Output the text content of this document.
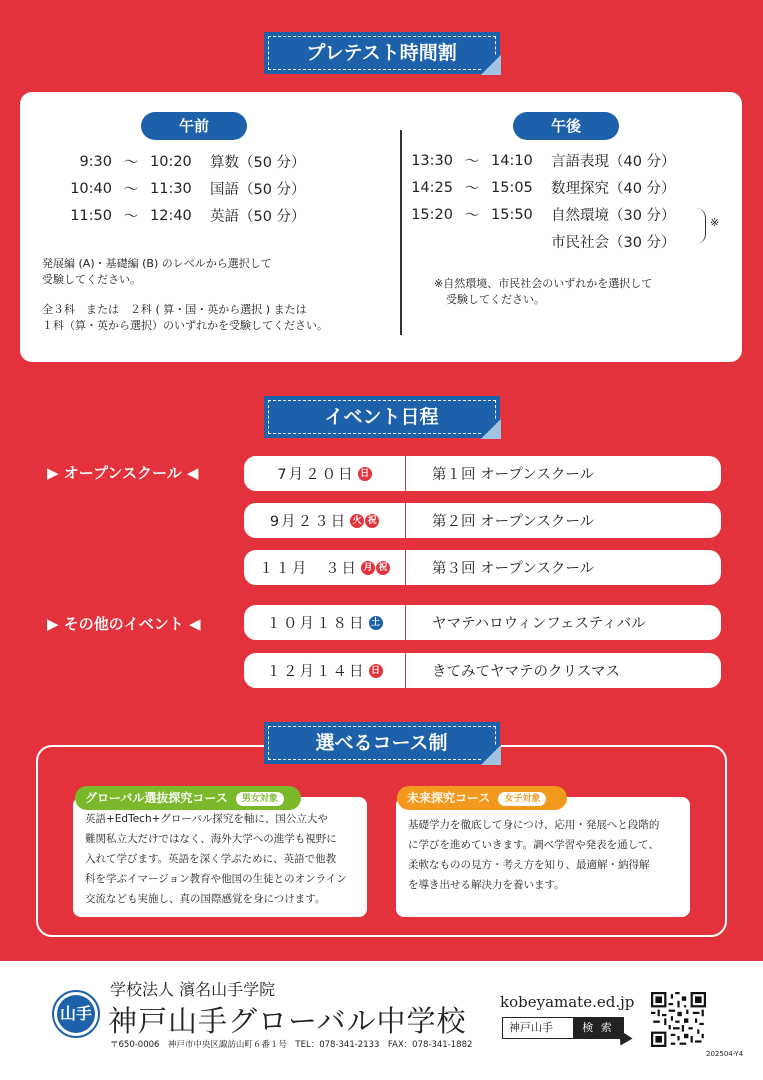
プレテスト時間割
午前	午後
9:30 ～ 10:20	算数（50 分）
10:40 ～ 11:30	国語（50 分）
11:50 ～ 12:40	英語（50 分）
発展編 (A)・基礎編 (B) のレベルから選択して
受験してください。
全３科　または　２科 ( 算・国・英から選択 ) または
１科（算・英から選択）のいずれかを受験してください。
13:30 ～ 14:10	言語表現（40 分）
14:25 ～ 15:05	数理探究（40 分）
15:20 ～ 15:50	自然環境（30 分）
市民社会（30 分）
※
※自然環境、市民社会のいずれかを選択して
受験してください。
イベント日程
▶ オープンスクール ◀
▶ その他のイベント ◀
7月２０日 日	第１回 オープンスクール
9月２３日 火 祝	第２回 オープンスクール
１１月　３日 月 祝	第３回 オープンスクール
１０月１８日 土	ヤマテハロウィンフェスティバル
１２月１４日 日	きてみてヤマテのクリスマス
選べるコース制
英語+EdTech+グローバル探究を軸に、国公立大や
難関私立大だけではなく、海外大学への進学も視野に
入れて学びます。英語を深く学ぶために、英語で他教
科を学ぶイマージョン教育や他国の生徒とのオンライン
交流なども実施し、真の国際感覚を身につけます。
グローバル選抜探究コース 男女対象
基礎学力を徹底して身につけ、応用・発展へと段階的
に学びを進めていきます。調べ学習や発表を通して、
柔軟なものの見方・考え方を知り、最適解・納得解
を導き出せる解決力を養います。
未来探究コース 女子対象
山手
学校法人 濱名山手学院
神戸山手グローバル中学校
〒650-0006　神戸市中央区諏訪山町６番１号　TEL：078-341-2133　FAX：078-341-1882
kobeyamate.ed.jp
神戸山手	検 索
202504-Y4
